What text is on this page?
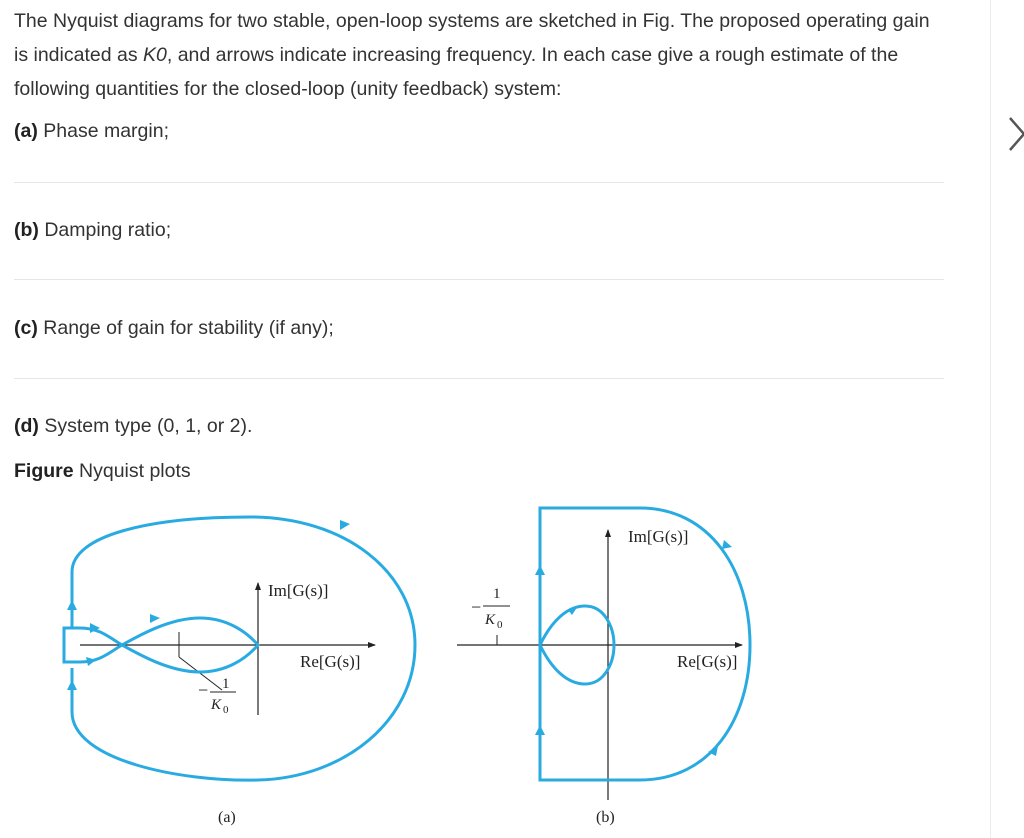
The Nyquist diagrams for two stable, open-loop systems are sketched in Fig. The proposed operating gain is indicated as K0, and arrows indicate increasing frequency. In each case give a rough estimate of the following quantities for the closed-loop (unity feedback) system:
(a) Phase margin;
(b) Damping ratio;
(c) Range of gain for stability (if any);
(d) System type (0, 1, or 2).
Figure Nyquist plots
Im[G(s)]
Re[G(s)]
− 1
K 0
(a)
Im[G(s)]
Re[G(s)]
−
1
K 0
(b)
